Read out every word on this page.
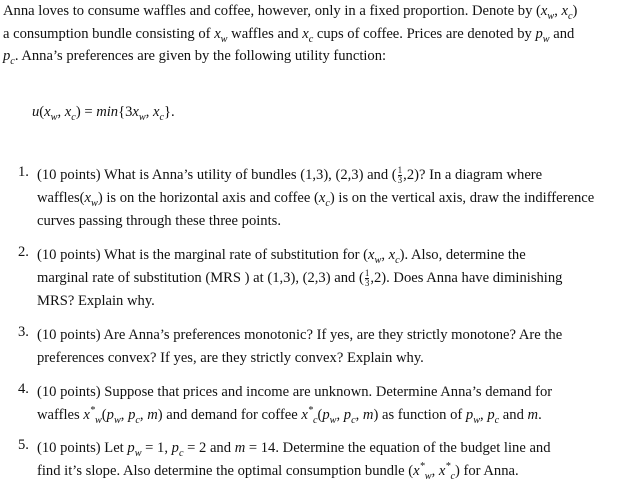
Anna loves to consume waffles and coffee, however, only in a fixed proportion. Denote by ($x_w$, $x_c$)

a consumption bundle consisting of $x_w$ waffles and $x_c$ cups of coffee. Prices are denoted by $p_w$ and

$p_c$. Anna’s preferences are given by the following utility function:

$u(x_w$, $x_c) = \min\{3x_w$, $x_c$}.
1. (10 points) What is Anna’s utility of bundles (1,3), (2,3) and ( $\frac{1}{3} ,2$)? In a diagram where

$waffles(x_w)$ is on the horizontal axis and coffee $(x_c)$ is on the vertical axis, draw the indifference

curves passing through these three points.

2. (10 points) What is the marginal rate of substitution for ($x_w$, $x_c$). Also, determine the

marginal rate of substitution (MRS ) at (1,3), (2,3) and ( $\frac{1}{3} ,2$). Does Anna have diminishing

MRS? Explain why.

3. (10 points) Are Anna’s preferences monotonic? If yes, are they strictly monotone? Are the

preferences convex? If yes, are they strictly convex? Explain why.

4. (10 points) Suppose that prices and income are unknown. Determine Anna’s demand for

waffles $x^*_w(p_w$, $p_c$, m) and demand for coffee $x^*_c(p_w$, $p_c$, m) as function of $p_w$, $p_c$ and m.

5. (10 points) Let $p_w = 1$, $p_c = 2$ and m = 14. Determine the equation of the budget line and

find it’s slope. Also determine the optimal consumption bundle ($x^*_w$, $x^*_c$) for Anna.
